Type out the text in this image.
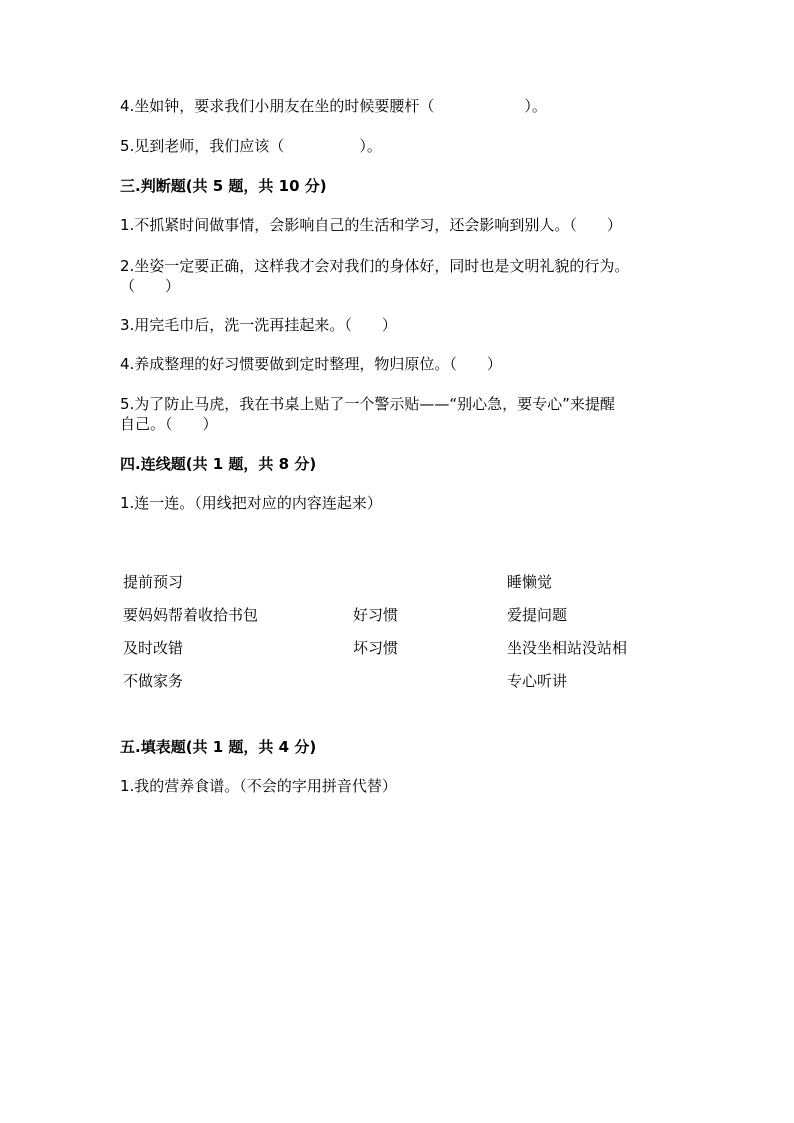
4.坐如钟，要求我们小朋友在坐的时候要腰杆（　　　　　　）。
5.见到老师，我们应该（　　　　　）。
三.判断题(共 5 题，共 10 分)
1.不抓紧时间做事情，会影响自己的生活和学习，还会影响到别人。（　　）
2.坐姿一定要正确，这样我才会对我们的身体好，同时也是文明礼貌的行为。
（　　）
3.用完毛巾后，洗一洗再挂起来。（　　）
4.养成整理的好习惯要做到定时整理，物归原位。（　　）
5.为了防止马虎，我在书桌上贴了一个警示贴——“别心急，要专心”来提醒
自己。（　　）
四.连线题(共 1 题，共 8 分)
1.连一连。（用线把对应的内容连起来）
提前预习
要妈妈帮着收拾书包
及时改错
不做家务
好习惯
坏习惯
睡懒觉
爱提问题
坐没坐相站没站相
专心听讲
五.填表题(共 1 题，共 4 分)
1.我的营养食谱。（不会的字用拼音代替）
